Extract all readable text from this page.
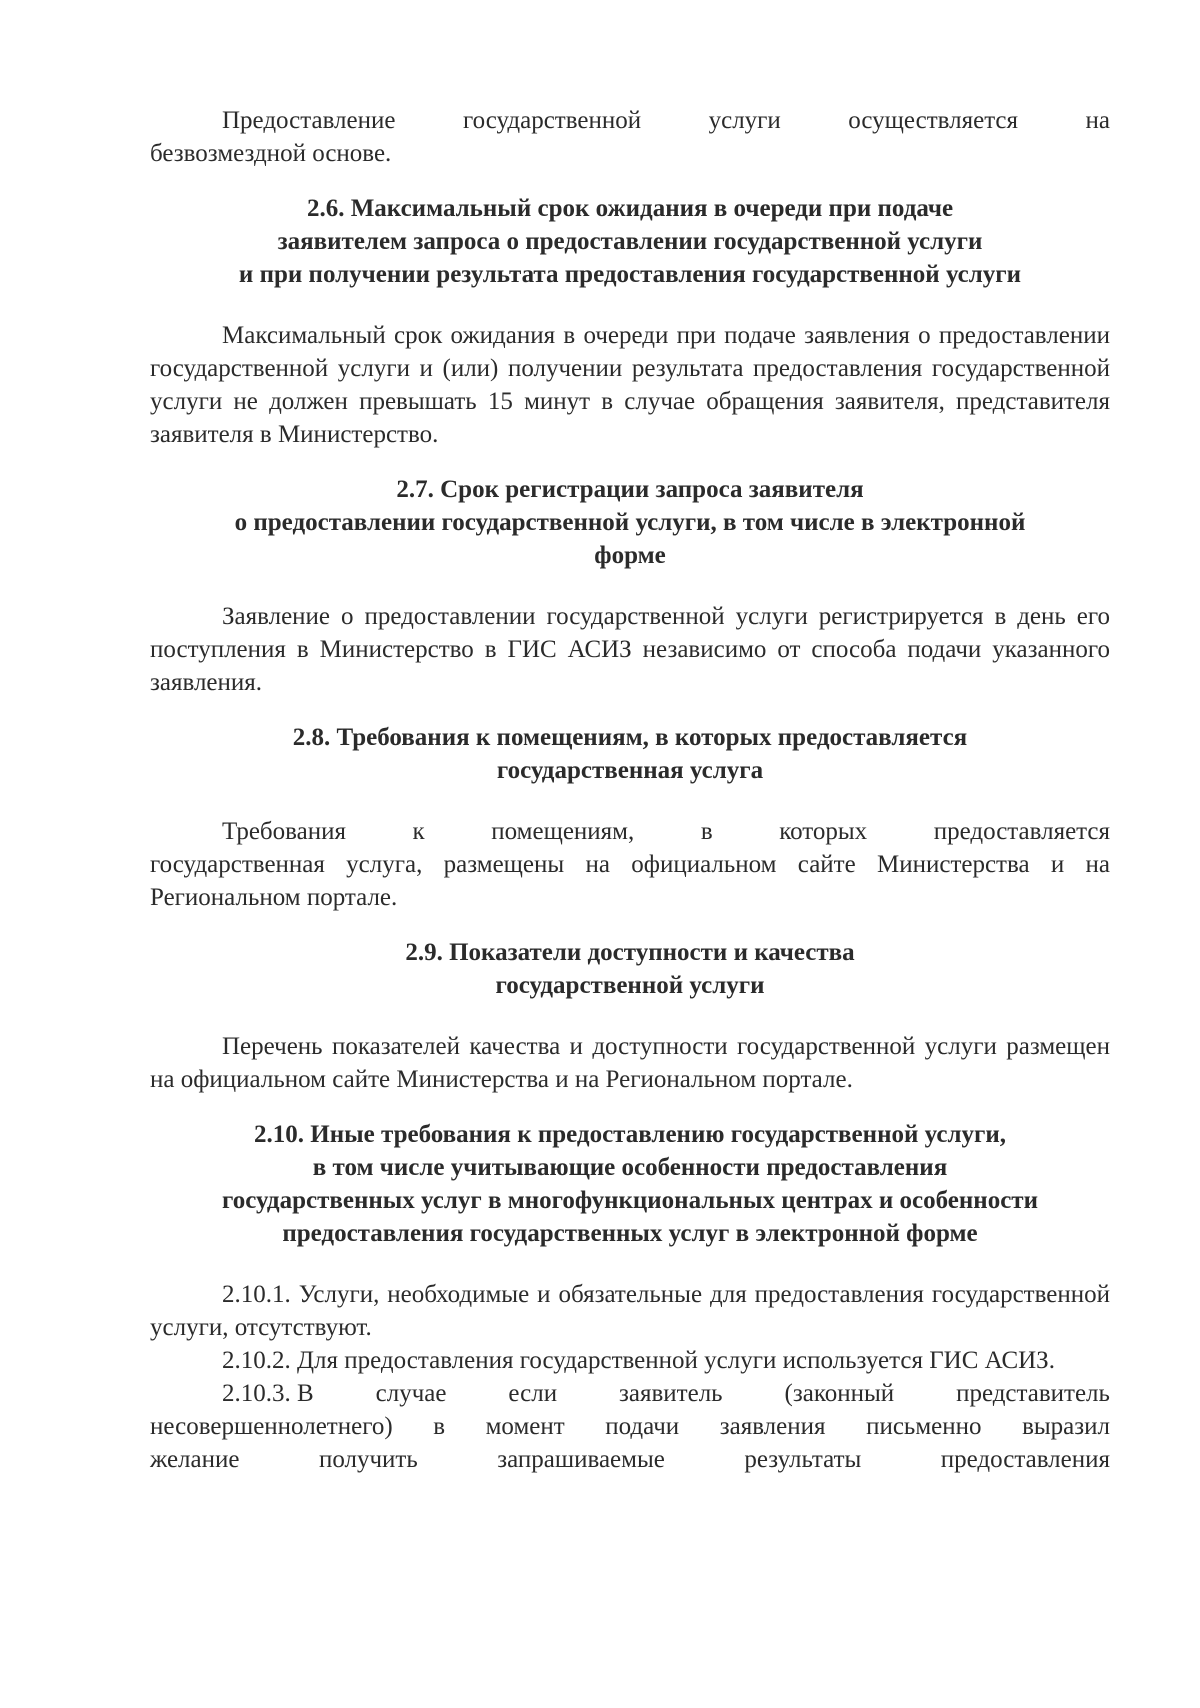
Предоставление	государственной	услуги	осуществляется	на

безвозмездной основе.

2.6. Максимальный срок ожидания в очереди при подаче
заявителем запроса о предоставлении государственной услуги
и при получении результата предоставления государственной услуги

Максимальный срок ожидания в очереди при подаче заявления о предоставлении государственной услуги и (или) получении результата предоставления государственной услуги не должен превышать 15 минут в случае обращения заявителя, представителя заявителя в Министерство.

2.7. Срок регистрации запроса заявителя
о предоставлении государственной услуги, в том числе в электронной
форме

Заявление о предоставлении государственной услуги регистрируется в день его поступления в Министерство в ГИС АСИЗ независимо от способа подачи указанного заявления.

2.8. Требования к помещениям, в которых предоставляется
государственная услуга
Требования	к	помещениям,	в	которых	предоставляется

государственная услуга, размещены на официальном сайте Министерства и на Региональном портале.

2.9. Показатели доступности и качества
государственной услуги

Перечень показателей качества и доступности государственной услуги размещен на официальном сайте Министерства и на Региональном портале.

2.10. Иные требования к предоставлению государственной услуги,
в том числе учитывающие особенности предоставления
государственных услуг в многофункциональных центрах и особенности
предоставления государственных услуг в электронной форме

2.10.1. Услуги, необходимые и обязательные для предоставления государственной услуги, отсутствуют.

2.10.2. Для предоставления государственной услуги используется ГИС АСИЗ.

2.10.3. В случае если заявитель (законный представитель
несовершеннолетнего) в момент подачи заявления письменно выразил
желание	получить	запрашиваемые	результаты	предоставления
